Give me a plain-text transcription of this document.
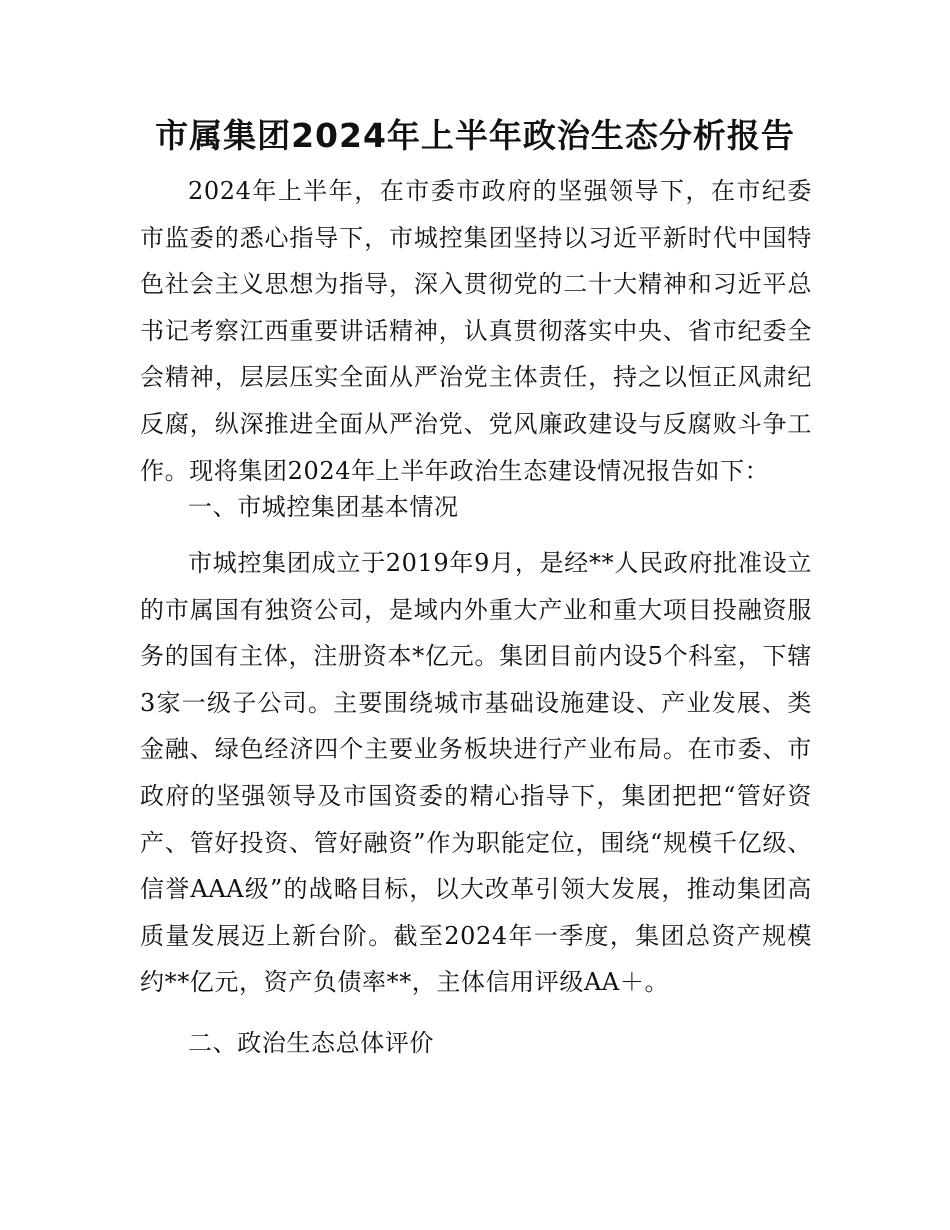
市属集团2024年上半年政治生态分析报告

2024年上半年，在市委市政府的坚强领导下，在市纪委市监委的悉心指导下，市城控集团坚持以习近平新时代中国特色社会主义思想为指导，深入贯彻党的二十大精神和习近平总书记考察江西重要讲话精神，认真贯彻落实中央、省市纪委全会精神，层层压实全面从严治党主体责任，持之以恒正风肃纪反腐，纵深推进全面从严治党、党风廉政建设与反腐败斗争工作。现将集团2024年上半年政治生态建设情况报告如下：

一、市城控集团基本情况

市城控集团成立于2019年9月，是经**人民政府批准设立的市属国有独资公司，是域内外重大产业和重大项目投融资服务的国有主体，注册资本*亿元。集团目前内设5个科室，下辖3家一级子公司。主要围绕城市基础设施建设、产业发展、类金融、绿色经济四个主要业务板块进行产业布局。在市委、市政府的坚强领导及市国资委的精心指导下，集团把把“管好资产、管好投资、管好融资”作为职能定位，围绕“规模千亿级、信誉AAA级”的战略目标，以大改革引领大发展，推动集团高质量发展迈上新台阶。截至2024年一季度，集团总资产规模约**亿元，资产负债率**，主体信用评级AA＋。

二、政治生态总体评价
